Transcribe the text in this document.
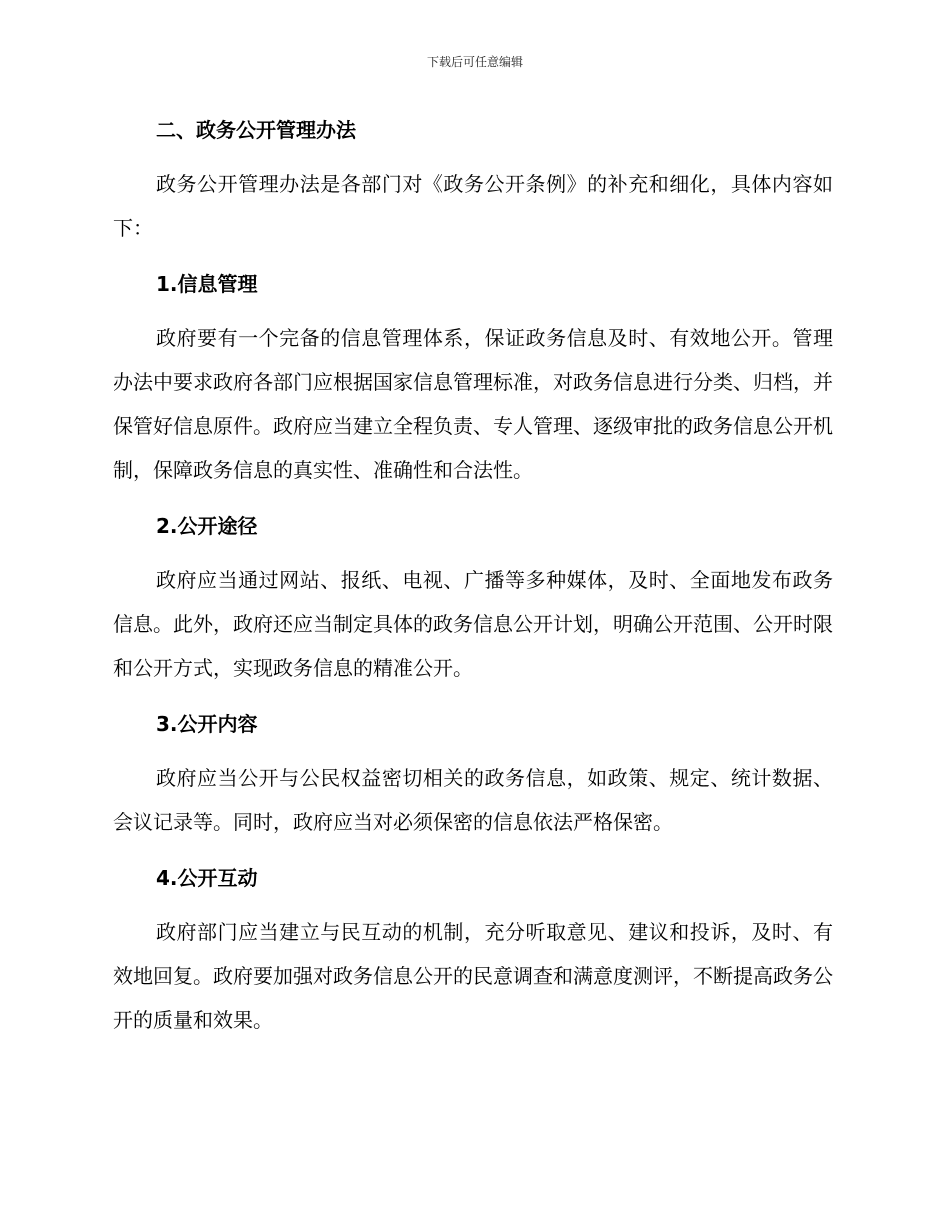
下载后可任意编辑
二、政务公开管理办法
政务公开管理办法是各部门对《政务公开条例》的补充和细化，具体内容如下：
1.信息管理
政府要有一个完备的信息管理体系，保证政务信息及时、有效地公开。管理办法中要求政府各部门应根据国家信息管理标准，对政务信息进行分类、归档，并保管好信息原件。政府应当建立全程负责、专人管理、逐级审批的政务信息公开机制，保障政务信息的真实性、准确性和合法性。
2.公开途径
政府应当通过网站、报纸、电视、广播等多种媒体，及时、全面地发布政务信息。此外，政府还应当制定具体的政务信息公开计划，明确公开范围、公开时限和公开方式，实现政务信息的精准公开。
3.公开内容
政府应当公开与公民权益密切相关的政务信息，如政策、规定、统计数据、会议记录等。同时，政府应当对必须保密的信息依法严格保密。
4.公开互动
政府部门应当建立与民互动的机制，充分听取意见、建议和投诉，及时、有效地回复。政府要加强对政务信息公开的民意调查和满意度测评，不断提高政务公开的质量和效果。
